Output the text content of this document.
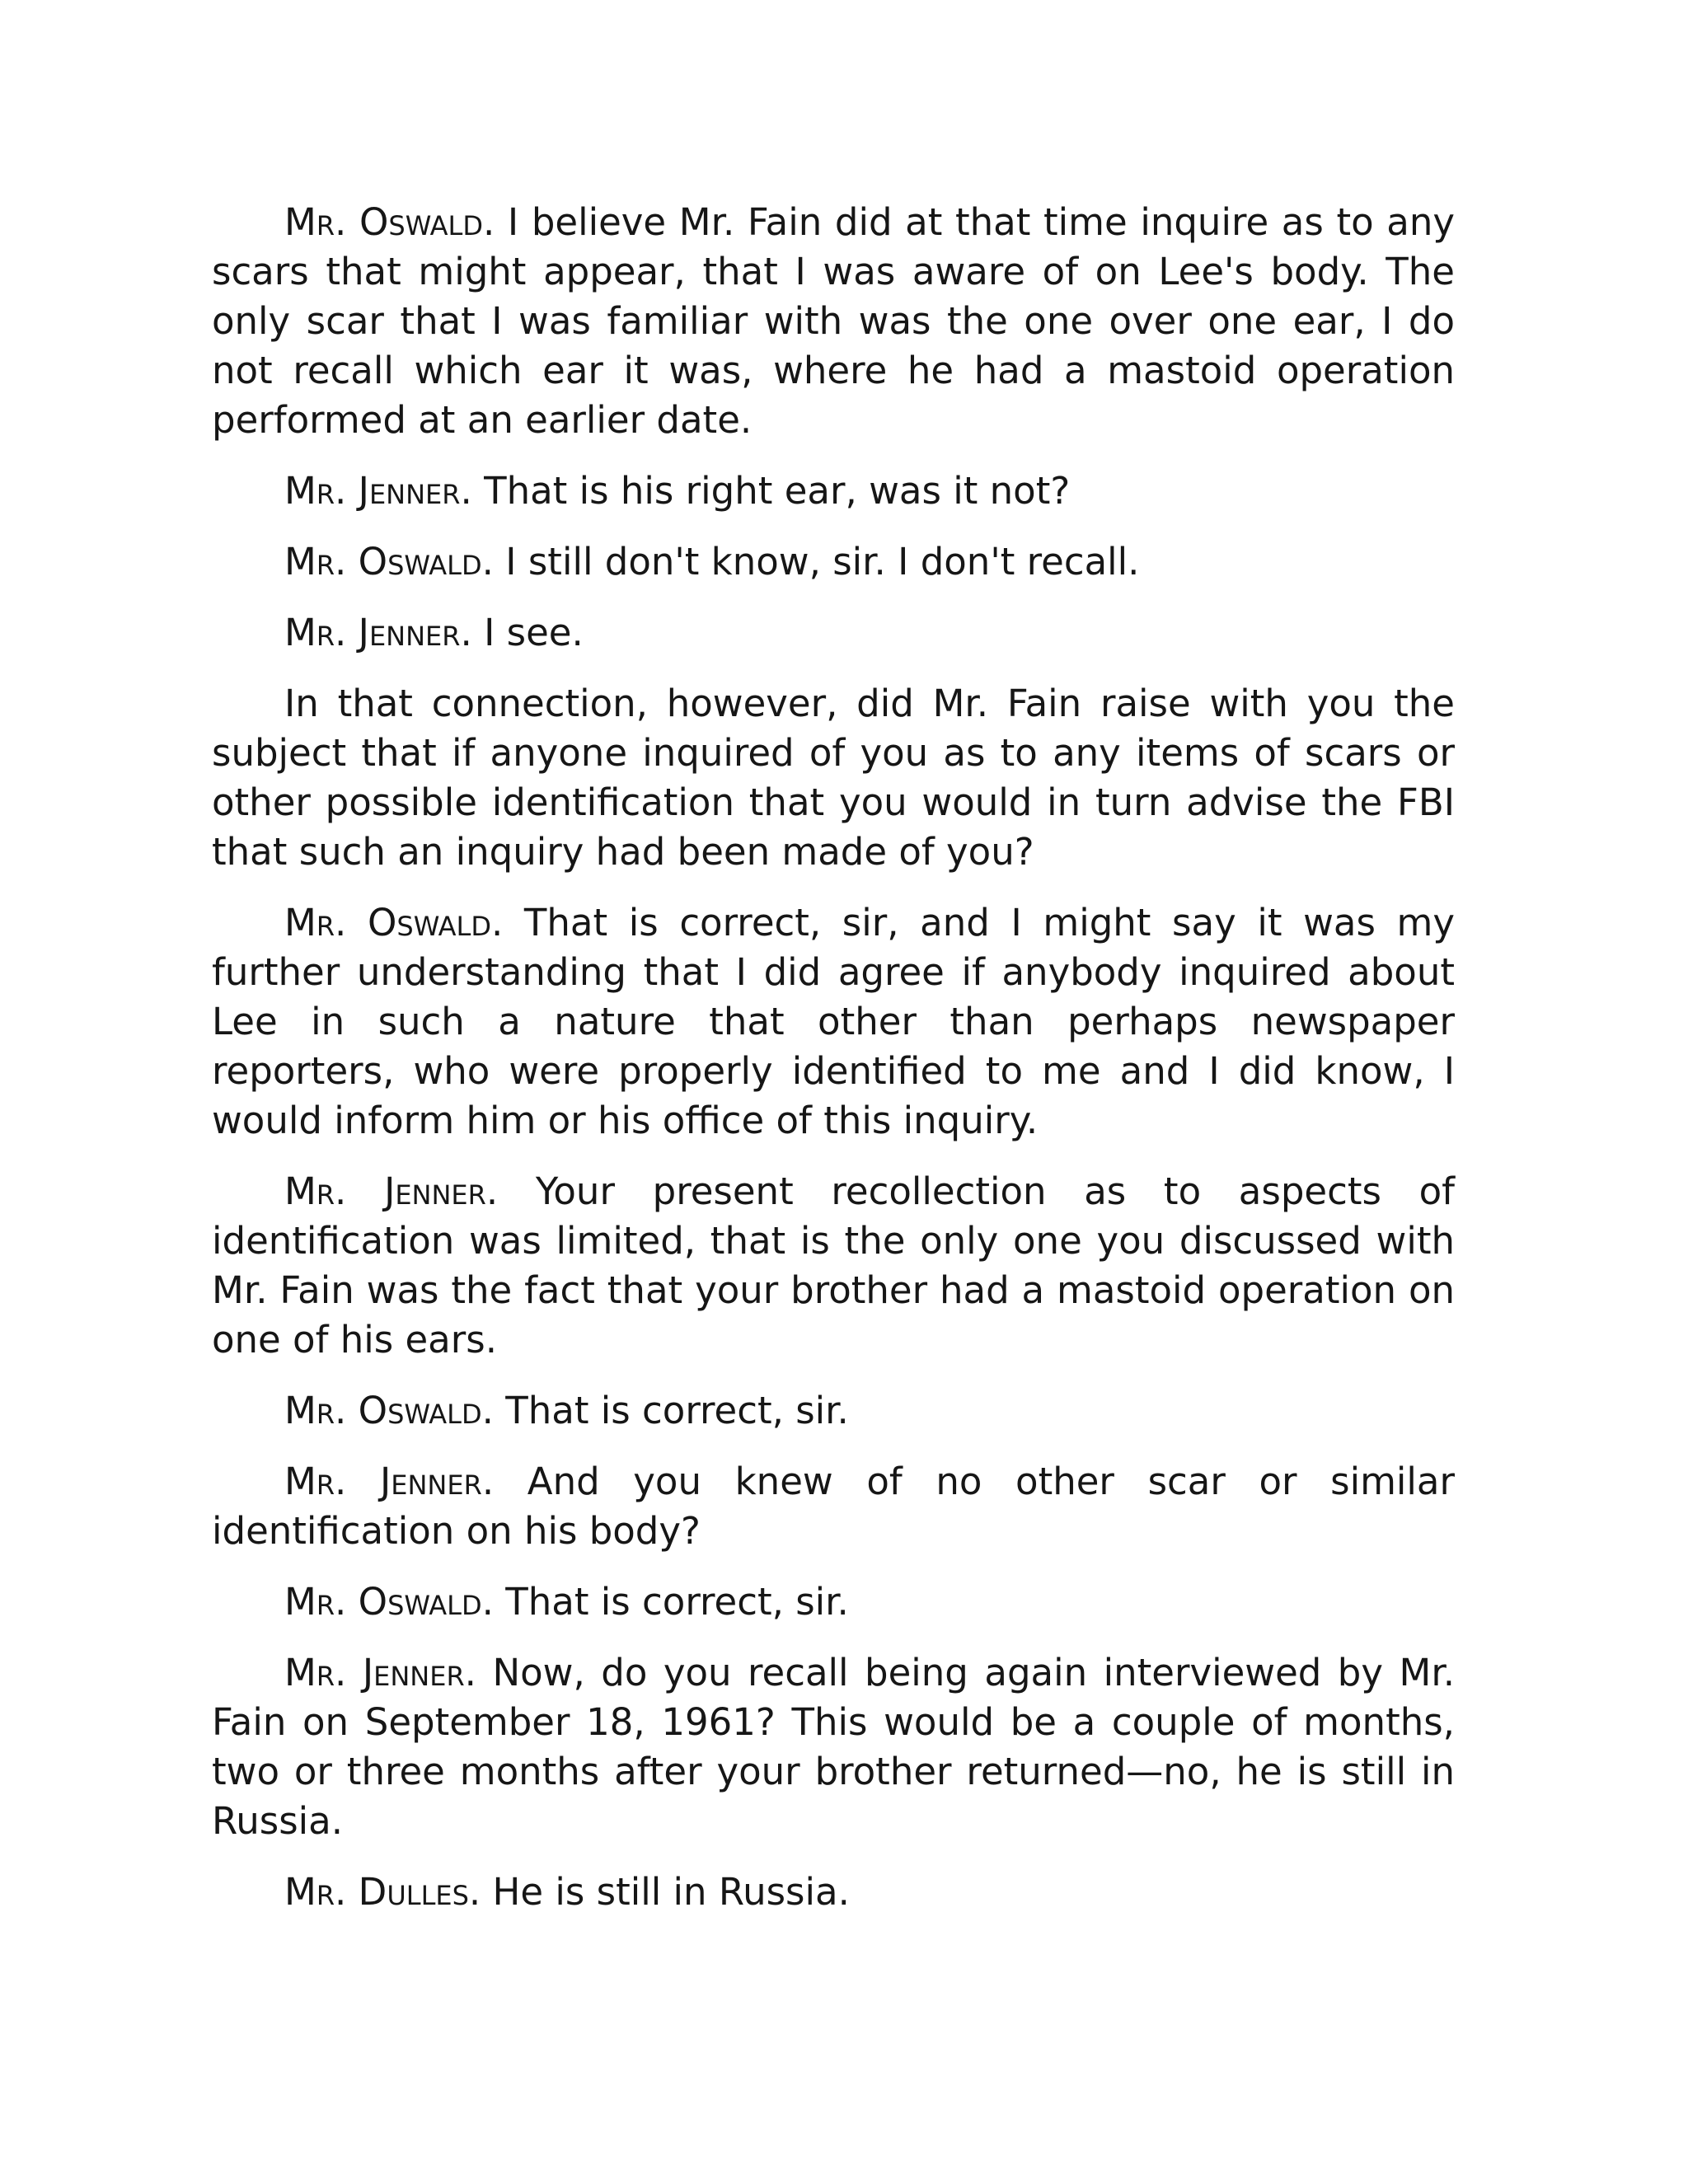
Mr. Oswald. I believe Mr. Fain did at that time inquire as to any scars that might appear, that I was aware of on Lee's body. The only scar that I was familiar with was the one over one ear, I do not recall which ear it was, where he had a mastoid operation performed at an earlier date.

Mr. Jenner. That is his right ear, was it not?

Mr. Oswald. I still don't know, sir. I don't recall.

Mr. Jenner. I see.

In that connection, however, did Mr. Fain raise with you the subject that if anyone inquired of you as to any items of scars or other possible identification that you would in turn advise the FBI that such an inquiry had been made of you?

Mr. Oswald. That is correct, sir, and I might say it was my further understanding that I did agree if anybody inquired about Lee in such a nature that other than perhaps newspaper reporters, who were properly identified to me and I did know, I would inform him or his office of this inquiry.

Mr. Jenner. Your present recollection as to aspects of identification was limited, that is the only one you discussed with Mr. Fain was the fact that your brother had a mastoid operation on one of his ears.

Mr. Oswald. That is correct, sir.

Mr. Jenner. And you knew of no other scar or similar identification on his body?

Mr. Oswald. That is correct, sir.

Mr. Jenner. Now, do you recall being again interviewed by Mr. Fain on September 18, 1961? This would be a couple of months, two or three months after your brother returned—no, he is still in Russia.

Mr. Dulles. He is still in Russia.
